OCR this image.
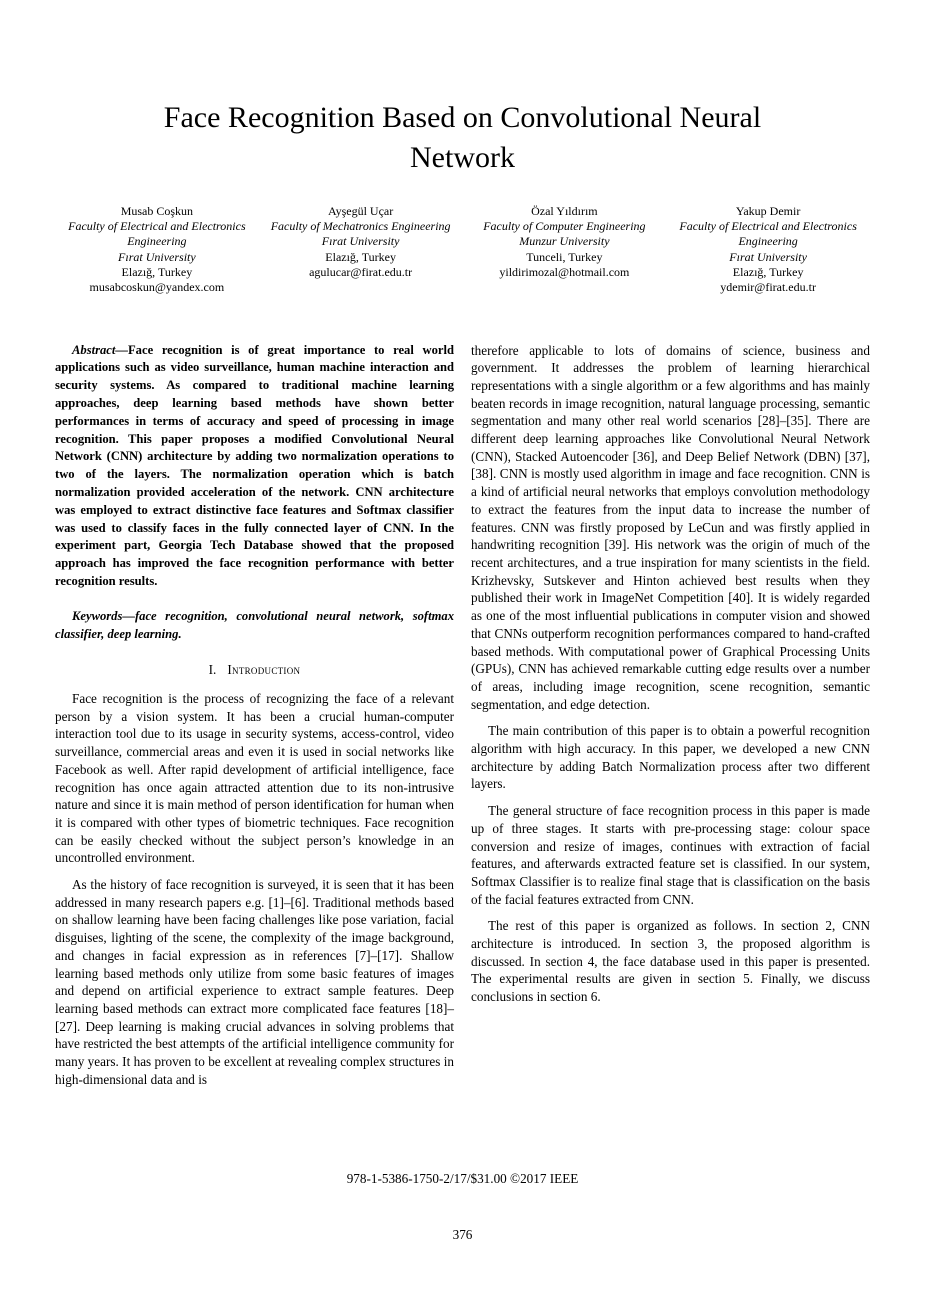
Face Recognition Based on Convolutional Neural Network
Musab Coşkun
Faculty of Electrical and Electronics Engineering
Fırat University
Elazığ, Turkey
musabcoskun@yandex.com
Ayşegül Uçar
Faculty of Mechatronics Engineering
Fırat University
Elazığ, Turkey
agulucar@firat.edu.tr
Özal Yıldırım
Faculty of Computer Engineering
Munzur University
Tunceli, Turkey
yildirimozal@hotmail.com
Yakup Demir
Faculty of Electrical and Electronics Engineering
Fırat University
Elazığ, Turkey
ydemir@firat.edu.tr

Abstract—Face recognition is of great importance to real world applications such as video surveillance, human machine interaction and security systems. As compared to traditional machine learning approaches, deep learning based methods have shown better performances in terms of accuracy and speed of processing in image recognition. This paper proposes a modified Convolutional Neural Network (CNN) architecture by adding two normalization operations to two of the layers. The normalization operation which is batch normalization provided acceleration of the network. CNN architecture was employed to extract distinctive face features and Softmax classifier was used to classify faces in the fully connected layer of CNN. In the experiment part, Georgia Tech Database showed that the proposed approach has improved the face recognition performance with better recognition results.

Keywords—face recognition, convolutional neural network, softmax classifier, deep learning.

I. Introduction

Face recognition is the process of recognizing the face of a relevant person by a vision system. It has been a crucial human-computer interaction tool due to its usage in security systems, access-control, video surveillance, commercial areas and even it is used in social networks like Facebook as well. After rapid development of artificial intelligence, face recognition has once again attracted attention due to its non-intrusive nature and since it is main method of person identification for human when it is compared with other types of biometric techniques. Face recognition can be easily checked without the subject person’s knowledge in an uncontrolled environment.

As the history of face recognition is surveyed, it is seen that it has been addressed in many research papers e.g. [1]–[6]. Traditional methods based on shallow learning have been facing challenges like pose variation, facial disguises, lighting of the scene, the complexity of the image background, and changes in facial expression as in references [7]–[17]. Shallow learning based methods only utilize from some basic features of images and depend on artificial experience to extract sample features. Deep learning based methods can extract more complicated face features [18]–[27]. Deep learning is making crucial advances in solving problems that have restricted the best attempts of the artificial intelligence community for many years. It has proven to be excellent at revealing complex structures in high-dimensional data and is

therefore applicable to lots of domains of science, business and government. It addresses the problem of learning hierarchical representations with a single algorithm or a few algorithms and has mainly beaten records in image recognition, natural language processing, semantic segmentation and many other real world scenarios [28]–[35]. There are different deep learning approaches like Convolutional Neural Network (CNN), Stacked Autoencoder [36], and Deep Belief Network (DBN) [37], [38]. CNN is mostly used algorithm in image and face recognition. CNN is a kind of artificial neural networks that employs convolution methodology to extract the features from the input data to increase the number of features. CNN was firstly proposed by LeCun and was firstly applied in handwriting recognition [39]. His network was the origin of much of the recent architectures, and a true inspiration for many scientists in the field. Krizhevsky, Sutskever and Hinton achieved best results when they published their work in ImageNet Competition [40]. It is widely regarded as one of the most influential publications in computer vision and showed that CNNs outperform recognition performances compared to hand-crafted based methods. With computational power of Graphical Processing Units (GPUs), CNN has achieved remarkable cutting edge results over a number of areas, including image recognition, scene recognition, semantic segmentation, and edge detection.

The main contribution of this paper is to obtain a powerful recognition algorithm with high accuracy. In this paper, we developed a new CNN architecture by adding Batch Normalization process after two different layers.

The general structure of face recognition process in this paper is made up of three stages. It starts with pre-processing stage: colour space conversion and resize of images, continues with extraction of facial features, and afterwards extracted feature set is classified. In our system, Softmax Classifier is to realize final stage that is classification on the basis of the facial features extracted from CNN.

The rest of this paper is organized as follows. In section 2, CNN architecture is introduced. In section 3, the proposed algorithm is discussed. In section 4, the face database used in this paper is presented. The experimental results are given in section 5. Finally, we discuss conclusions in section 6.

978-1-5386-1750-2/17/$31.00 ©2017 IEEE
376
